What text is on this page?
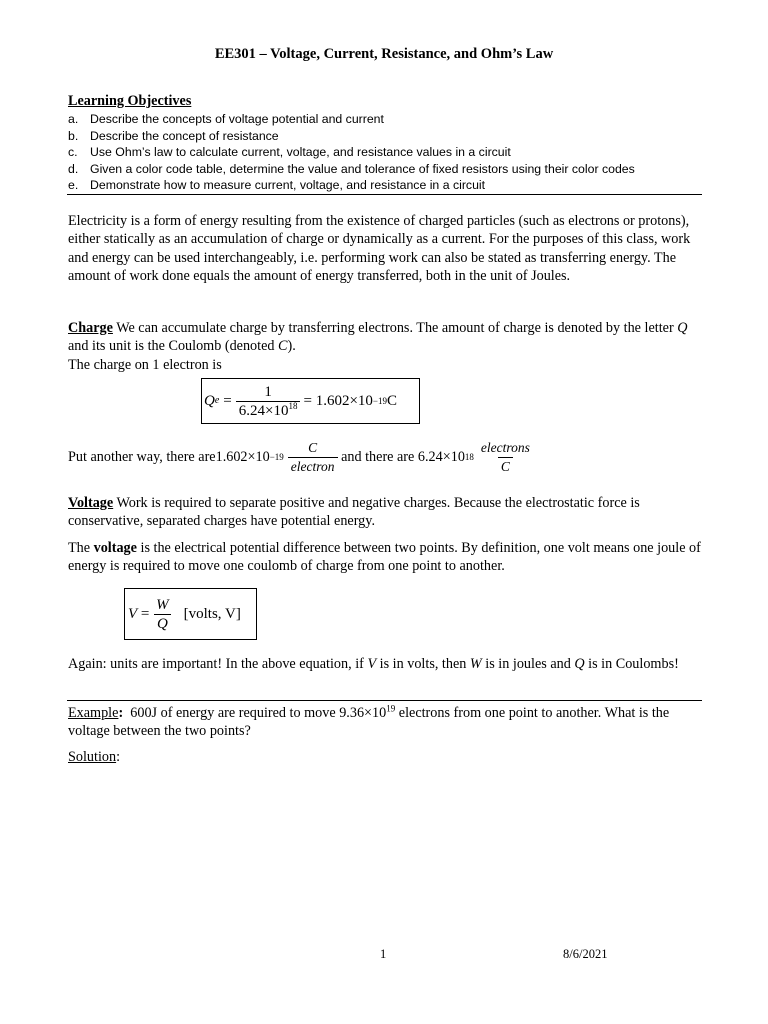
EE301 – Voltage, Current, Resistance, and Ohm’s Law
Learning Objectives
a. Describe the concepts of voltage potential and current
b. Describe the concept of resistance
c. Use Ohm’s law to calculate current, voltage, and resistance values in a circuit
d. Given a color code table, determine the value and tolerance of fixed resistors using their color codes
e. Demonstrate how to measure current, voltage, and resistance in a circuit

Electricity is a form of energy resulting from the existence of charged particles (such as electrons or protons), either statically as an accumulation of charge or dynamically as a current. For the purposes of this class, work and energy can be used interchangeably, i.e. performing work can also be stated as transferring energy. The amount of work done equals the amount of energy transferred, both in the unit of Joules.

Charge We can accumulate charge by transferring electrons. The amount of charge is denoted by the letter Q and its unit is the Coulomb (denoted C).
The charge on 1 electron is

Q $e = \frac{1}{6.24\times 10^{18}} = 1.602\times 10 -19$ C
Put another way, there are $1.602\times 10 -19 \frac{C}{\text{electron}}$ and there are 6.24×10 $18 \frac{\text{electrons}}{C}$

Voltage Work is required to separate positive and negative charges. Because the electrostatic force is conservative, separated charges have potential energy.

The voltage is the electrical potential difference between two points. By definition, one volt means one joule of energy is required to move one coulomb of charge from one point to another.

$V = \frac{W}{Q}$ [volts, V]

Again: units are important! In the above equation, if V is in volts, then W is in joules and Q is in Coulombs!

Example:  600J of energy are required to move $9.36\times 10^{19}$ electrons from one point to another. What is the voltage between the two points?

Solution:
1	8/6/2021
